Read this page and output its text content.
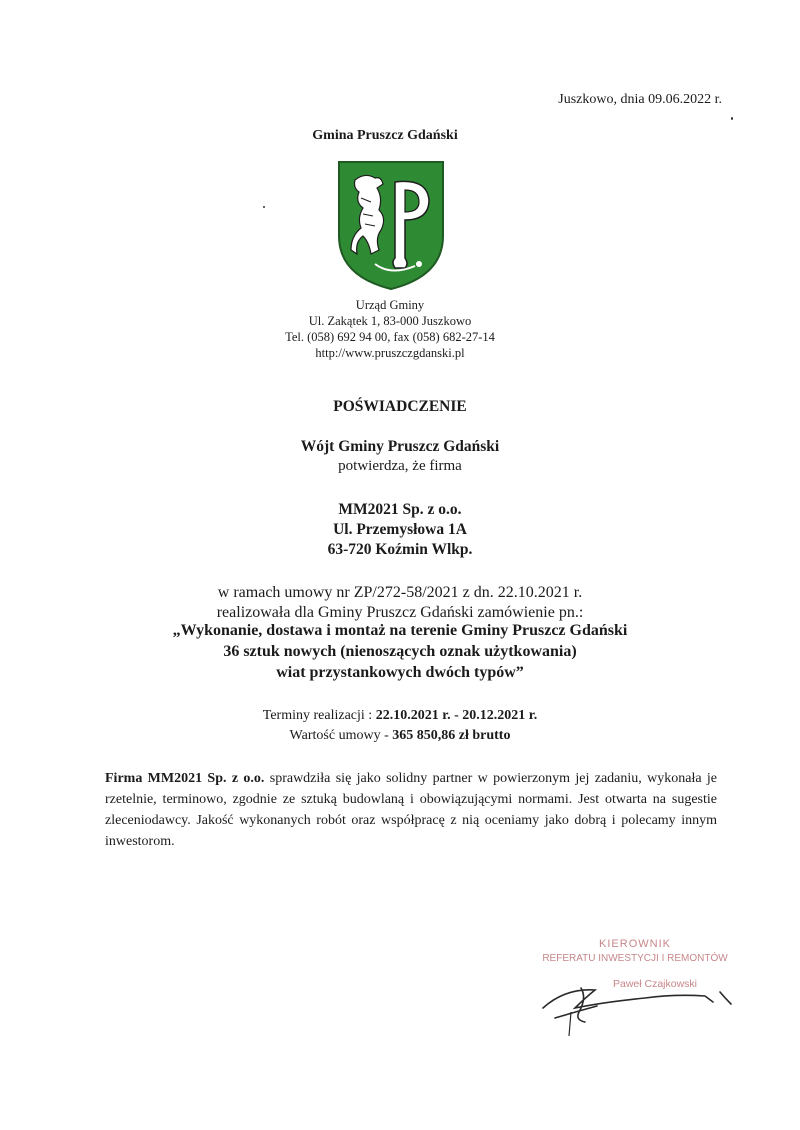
Juszkowo, dnia 09.06.2022 r.
Gmina Pruszcz Gdański
Urząd Gminy
Ul. Zakątek 1, 83-000 Juszkowo
Tel. (058) 692 94 00, fax (058) 682-27-14
http://www.pruszczgdanski.pl
POŚWIADCZENIE
Wójt Gminy Pruszcz Gdański
potwierdza, że firma
MM2021 Sp. z o.o.
Ul. Przemysłowa 1A
63-720 Koźmin Wlkp.
w ramach umowy nr ZP/272-58/2021 z dn. 22.10.2021 r.
realizowała dla Gminy Pruszcz Gdański zamówienie pn.:
„Wykonanie, dostawa i montaż na terenie Gminy Pruszcz Gdański
36 sztuk nowych (nienoszących oznak użytkowania)
wiat przystankowych dwóch typów”
Terminy realizacji : 22.10.2021 r. - 20.12.2021 r.
Wartość umowy - 365 850,86 zł brutto
Firma MM2021 Sp. z o.o. sprawdziła się jako solidny partner w powierzonym jej zadaniu, wykonała je rzetelnie, terminowo, zgodnie ze sztuką budowlaną i obowiązującymi normami. Jest otwarta na sugestie zleceniodawcy. Jakość wykonanych robót oraz współpracę z nią oceniamy jako dobrą i polecamy innym inwestorom.
KIEROWNIK
REFERATU INWESTYCJI I REMONTÓW
Paweł Czajkowski
